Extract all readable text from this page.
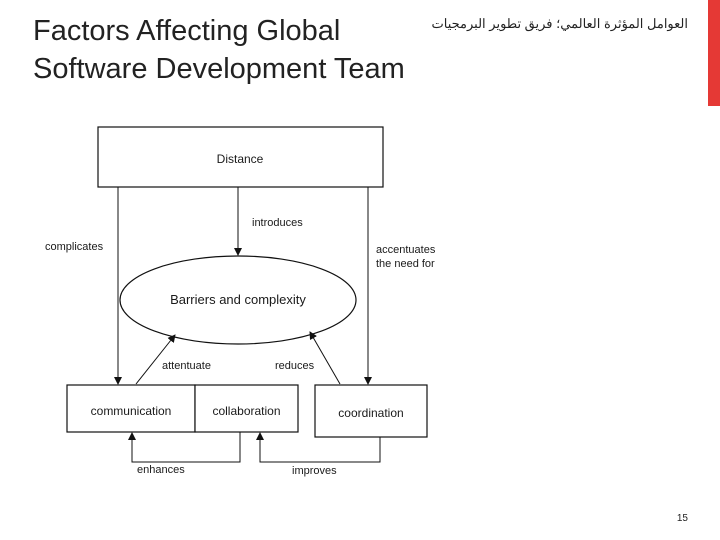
Factors Affecting Global Software Development Team
العوامل المؤثرة العالمي؛ فريق تطوير البرمجيات
Distance
Barriers and complexity
communication	collaboration	coordination
introduces
complicates	accentuates
the need for
attentuate	reduces
enhances	improves
15
